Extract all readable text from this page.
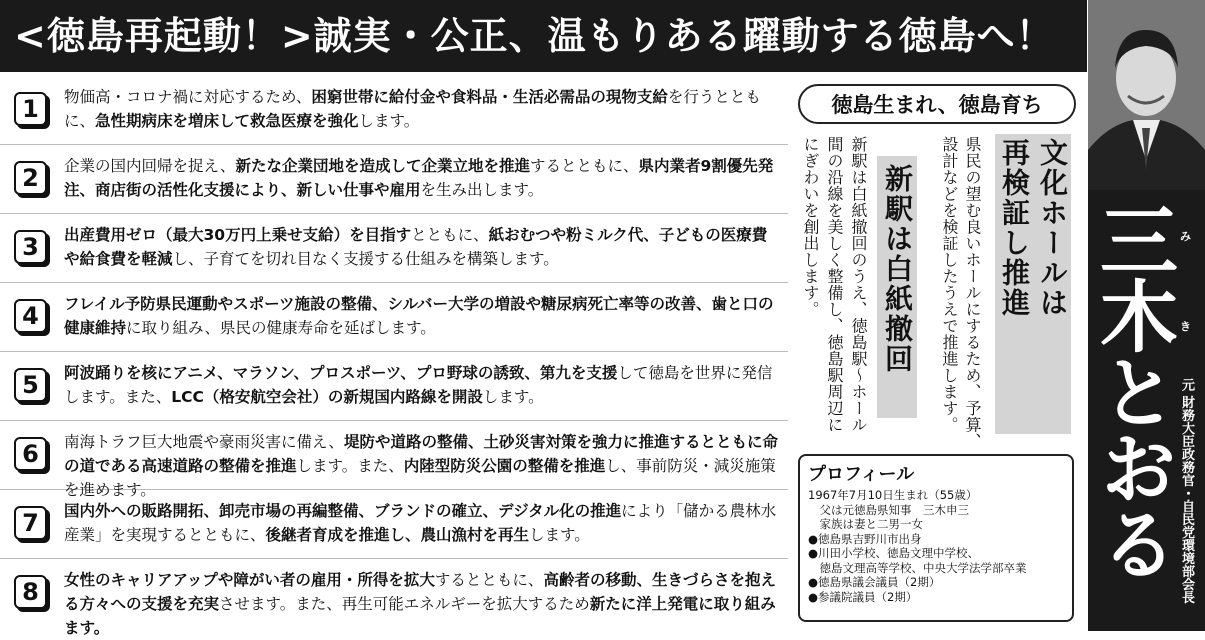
<徳島再起動！>誠実・公正、温もりある躍動する徳島へ！
1	物価高・コロナ禍に対応するため、困窮世帯に給付金や食料品・生活必需品の現物支給を行うとともに、急性期病床を増床して救急医療を強化します。
2	企業の国内回帰を捉え、新たな企業団地を造成して企業立地を推進するとともに、県内業者9割優先発注、商店街の活性化支援により、新しい仕事や雇用を生み出します。
3	出産費用ゼロ（最大30万円上乗せ支給）を目指すとともに、紙おむつや粉ミルク代、子どもの医療費や給食費を軽減し、子育てを切れ目なく支援する仕組みを構築します。
4	フレイル予防県民運動やスポーツ施設の整備、シルバー大学の増設や糖尿病死亡率等の改善、歯と口の健康維持に取り組み、県民の健康寿命を延ばします。
5	阿波踊りを核にアニメ、マラソン、プロスポーツ、プロ野球の誘致、第九を支援して徳島を世界に発信します。また、LCC（格安航空会社）の新規国内路線を開設します。
6	南海トラフ巨大地震や豪雨災害に備え、堤防や道路の整備、土砂災害対策を強力に推進するとともに命の道である高速道路の整備を推進します。また、内陸型防災公園の整備を推進し、事前防災・減災施策を進めます。
7	国内外への販路開拓、卸売市場の再編整備、ブランドの確立、デジタル化の推進により「儲かる農林水産業」を実現するとともに、後継者育成を推進し、農山漁村を再生します。
8	女性のキャリアアップや障がい者の雇用・所得を拡大するとともに、高齢者の移動、生きづらさを抱える方々への支援を充実させます。また、再生可能エネルギーを拡大するため新たに洋上発電に取り組みます。
徳島生まれ、徳島育ち
文化ホールは
再検証し推進
県民の望む良いホールにするため、予算、
設計などを検証したうえで推進します。
新駅は白紙撤回
新駅は白紙撤回のうえ、徳島駅〜ホール
間の沿線を美しく整備し、徳島駅周辺に
にぎわいを創出します。
プロフィール
1967年7月10日生まれ（55歳）
　父は元徳島県知事　三木申三
　家族は妻と二男一女
●徳島県吉野川市出身
●川田小学校、徳島文理中学校、
　徳島文理高等学校、中央大学法学部卒業
●徳島県議会議員（2期）
●参議院議員（2期）
三木とおる み
き
元 財務大臣政務官・自民党環境部会長
